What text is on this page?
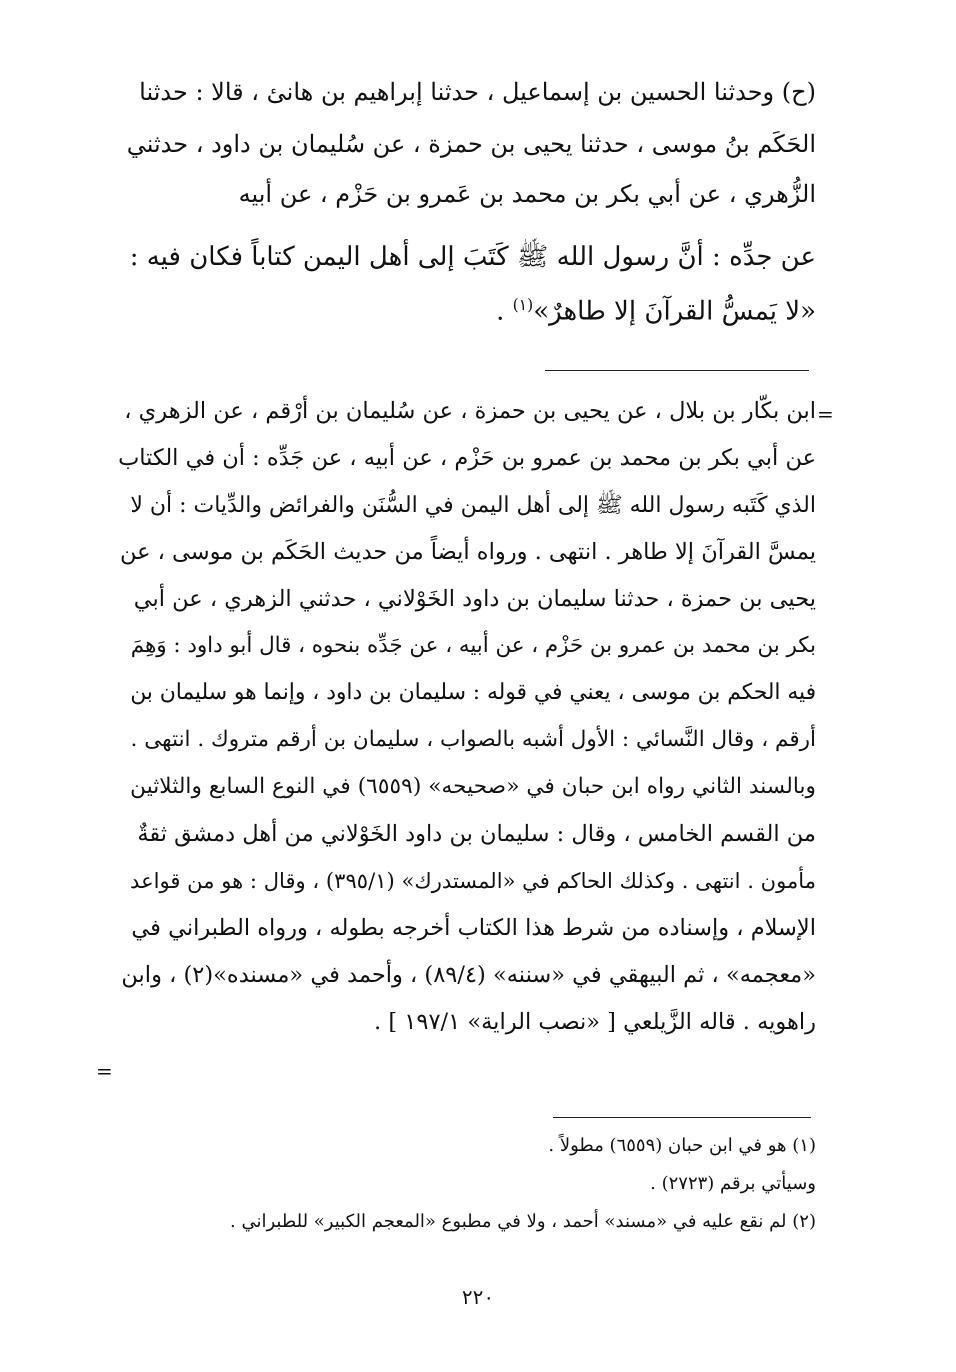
(ح) وحدثنا الحسين بن إسماعيل ، حدثنا إبراهيم بن هانئ ، قالا : حدثنا
الحَكَم بنُ موسى ، حدثنا يحيى بن حمزة ، عن سُليمان بن داود ، حدثني
الزُّهري ، عن أبي بكر بن محمد بن عَمرو بن حَزْم ، عن أبيه
عن جدِّه : أنَّ رسول الله ﷺ كَتَبَ إلى أهل اليمن كتاباً فكان فيه :
«لا يَمسُّ القرآنَ إلا طاهرٌ»$^{(١)}$ .
=
ابن بكّار بن بلال ، عن يحيى بن حمزة ، عن سُليمان بن أرْقم ، عن الزهري ،
عن أبي بكر بن محمد بن عمرو بن حَزْم ، عن أبيه ، عن جَدِّه : أن في الكتاب
الذي كَتَبه رسول الله ﷺ إلى أهل اليمن في السُّنَن والفرائض والدِّيات : أن لا
يمسَّ القرآنَ إلا طاهر . انتهى . ورواه أيضاً من حديث الحَكَم بن موسى ، عن
يحيى بن حمزة ، حدثنا سليمان بن داود الخَوْلاني ، حدثني الزهري ، عن أبي
بكر بن محمد بن عمرو بن حَزْم ، عن أبيه ، عن جَدِّه بنحوه ، قال أبو داود : وَهِمَ
فيه الحكم بن موسى ، يعني في قوله : سليمان بن داود ، وإنما هو سليمان بن
أرقم ، وقال النَّسائي : الأول أشبه بالصواب ، سليمان بن أرقم متروك . انتهى .
وبالسند الثاني رواه ابن حبان في «صحيحه» (٦٥٥٩) في النوع السابع والثلاثين
من القسم الخامس ، وقال : سليمان بن داود الخَوْلاني من أهل دمشق ثقةٌ
مأمون . انتهى . وكذلك الحاكم في «المستدرك» (٣٩٥/١) ، وقال : هو من قواعد
الإسلام ، وإسناده من شرط هذا الكتاب أخرجه بطوله ، ورواه الطبراني في
«معجمه» ، ثم البيهقي في «سننه» (٨٩/٤) ، وأحمد في «مسنده»(٢) ، وابن
راهويه . قاله الزَّيلعي [ «نصب الراية» ١٩٧/١ ] .
=
(١) هو في ابن حبان (٦٥٥٩) مطولاً .
وسيأتي برقم (٢٧٢٣) .
(٢) لم نقع عليه في «مسند» أحمد ، ولا في مطبوع «المعجم الكبير» للطبراني .
٢٢٠
